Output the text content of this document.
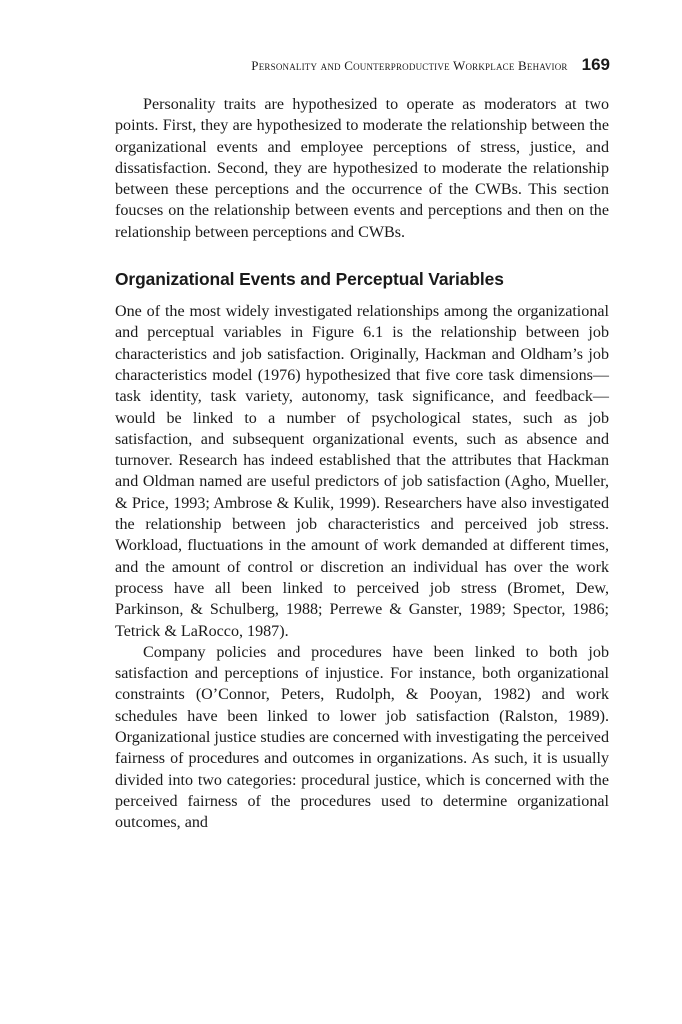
Personality and Counterproductive Workplace Behavior 169

Personality traits are hypothesized to operate as moderators at two points. First, they are hypothesized to moderate the relationship between the organizational events and employee perceptions of stress, justice, and dissatisfaction. Second, they are hypothesized to moderate the relationship between these perceptions and the occurrence of the CWBs. This section foucses on the relationship between events and perceptions and then on the relationship between perceptions and CWBs.

Organizational Events and Perceptual Variables

One of the most widely investigated relationships among the organizational and perceptual variables in Figure 6.1 is the relationship between job characteristics and job satisfaction. Originally, Hackman and Oldham’s job characteristics model (1976) hypothesized that five core task dimensions—task identity, task variety, autonomy, task significance, and feedback—would be linked to a number of psychological states, such as job satisfaction, and subsequent organizational events, such as absence and turnover. Research has indeed established that the attributes that Hackman and Oldman named are useful predictors of job satisfaction (Agho, Mueller, & Price, 1993; Ambrose & Kulik, 1999). Researchers have also investigated the relationship between job characteristics and perceived job stress. Workload, fluctuations in the amount of work demanded at different times, and the amount of control or discretion an individual has over the work process have all been linked to perceived job stress (Bromet, Dew, Parkinson, & Schulberg, 1988; Perrewe & Ganster, 1989; Spector, 1986; Tetrick & LaRocco, 1987).

Company policies and procedures have been linked to both job satisfaction and perceptions of injustice. For instance, both organizational constraints (O’Connor, Peters, Rudolph, & Pooyan, 1982) and work schedules have been linked to lower job satisfaction (Ralston, 1989). Organizational justice studies are concerned with investigating the perceived fairness of procedures and outcomes in organizations. As such, it is usually divided into two categories: procedural justice, which is concerned with the perceived fairness of the procedures used to determine organizational outcomes, and
